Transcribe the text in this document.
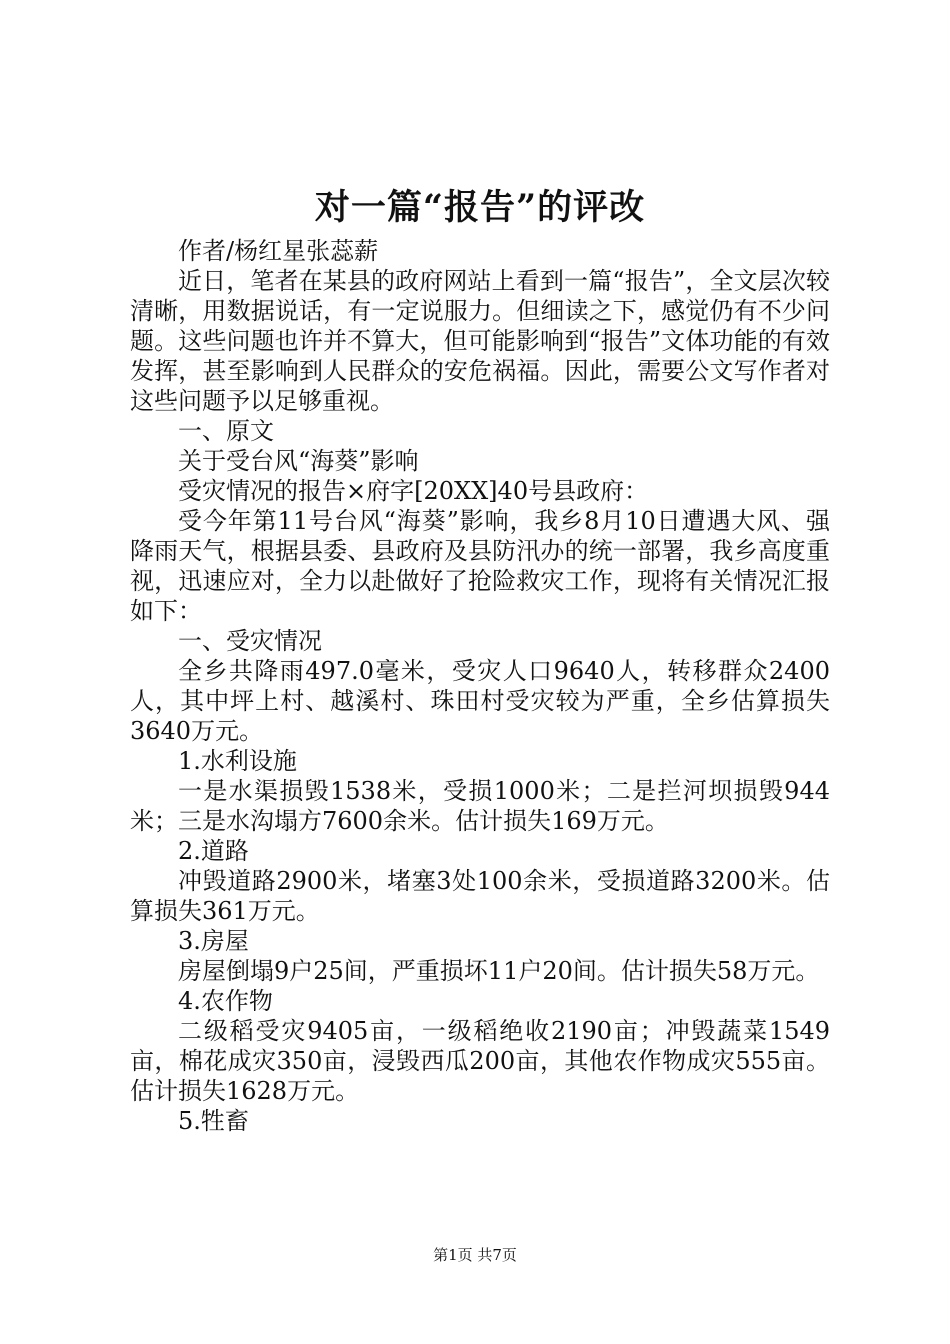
对一篇“报告”的评改

作者/杨红星张蕊薪

近日，笔者在某县的政府网站上看到一篇“报告”，全文层次较清晰，用数据说话，有一定说服力。但细读之下，感觉仍有不少问题。这些问题也许并不算大，但可能影响到“报告”文体功能的有效发挥，甚至影响到人民群众的安危祸福。因此，需要公文写作者对这些问题予以足够重视。

一、原文

关于受台风“海葵”影响

受灾情况的报告×府字[20XX]40号县政府：

受今年第11号台风“海葵”影响，我乡8月10日遭遇大风、强降雨天气，根据县委、县政府及县防汛办的统一部署，我乡高度重视，迅速应对，全力以赴做好了抢险救灾工作，现将有关情况汇报如下：

一、受灾情况

全乡共降雨497.0毫米，受灾人口9640人，转移群众2400人，其中坪上村、越溪村、珠田村受灾较为严重，全乡估算损失3640万元。

1.水利设施

一是水渠损毁1538米，受损1000米；二是拦河坝损毁944米；三是水沟塌方7600余米。估计损失169万元。

2.道路

冲毁道路2900米，堵塞3处100余米，受损道路3200米。估算损失361万元。

3.房屋

房屋倒塌9户25间，严重损坏11户20间。估计损失58万元。

4.农作物

二级稻受灾9405亩，一级稻绝收2190亩；冲毁蔬菜1549亩，棉花成灾350亩，浸毁西瓜200亩，其他农作物成灾555亩。估计损失1628万元。

5.牲畜

第1页 共7页
